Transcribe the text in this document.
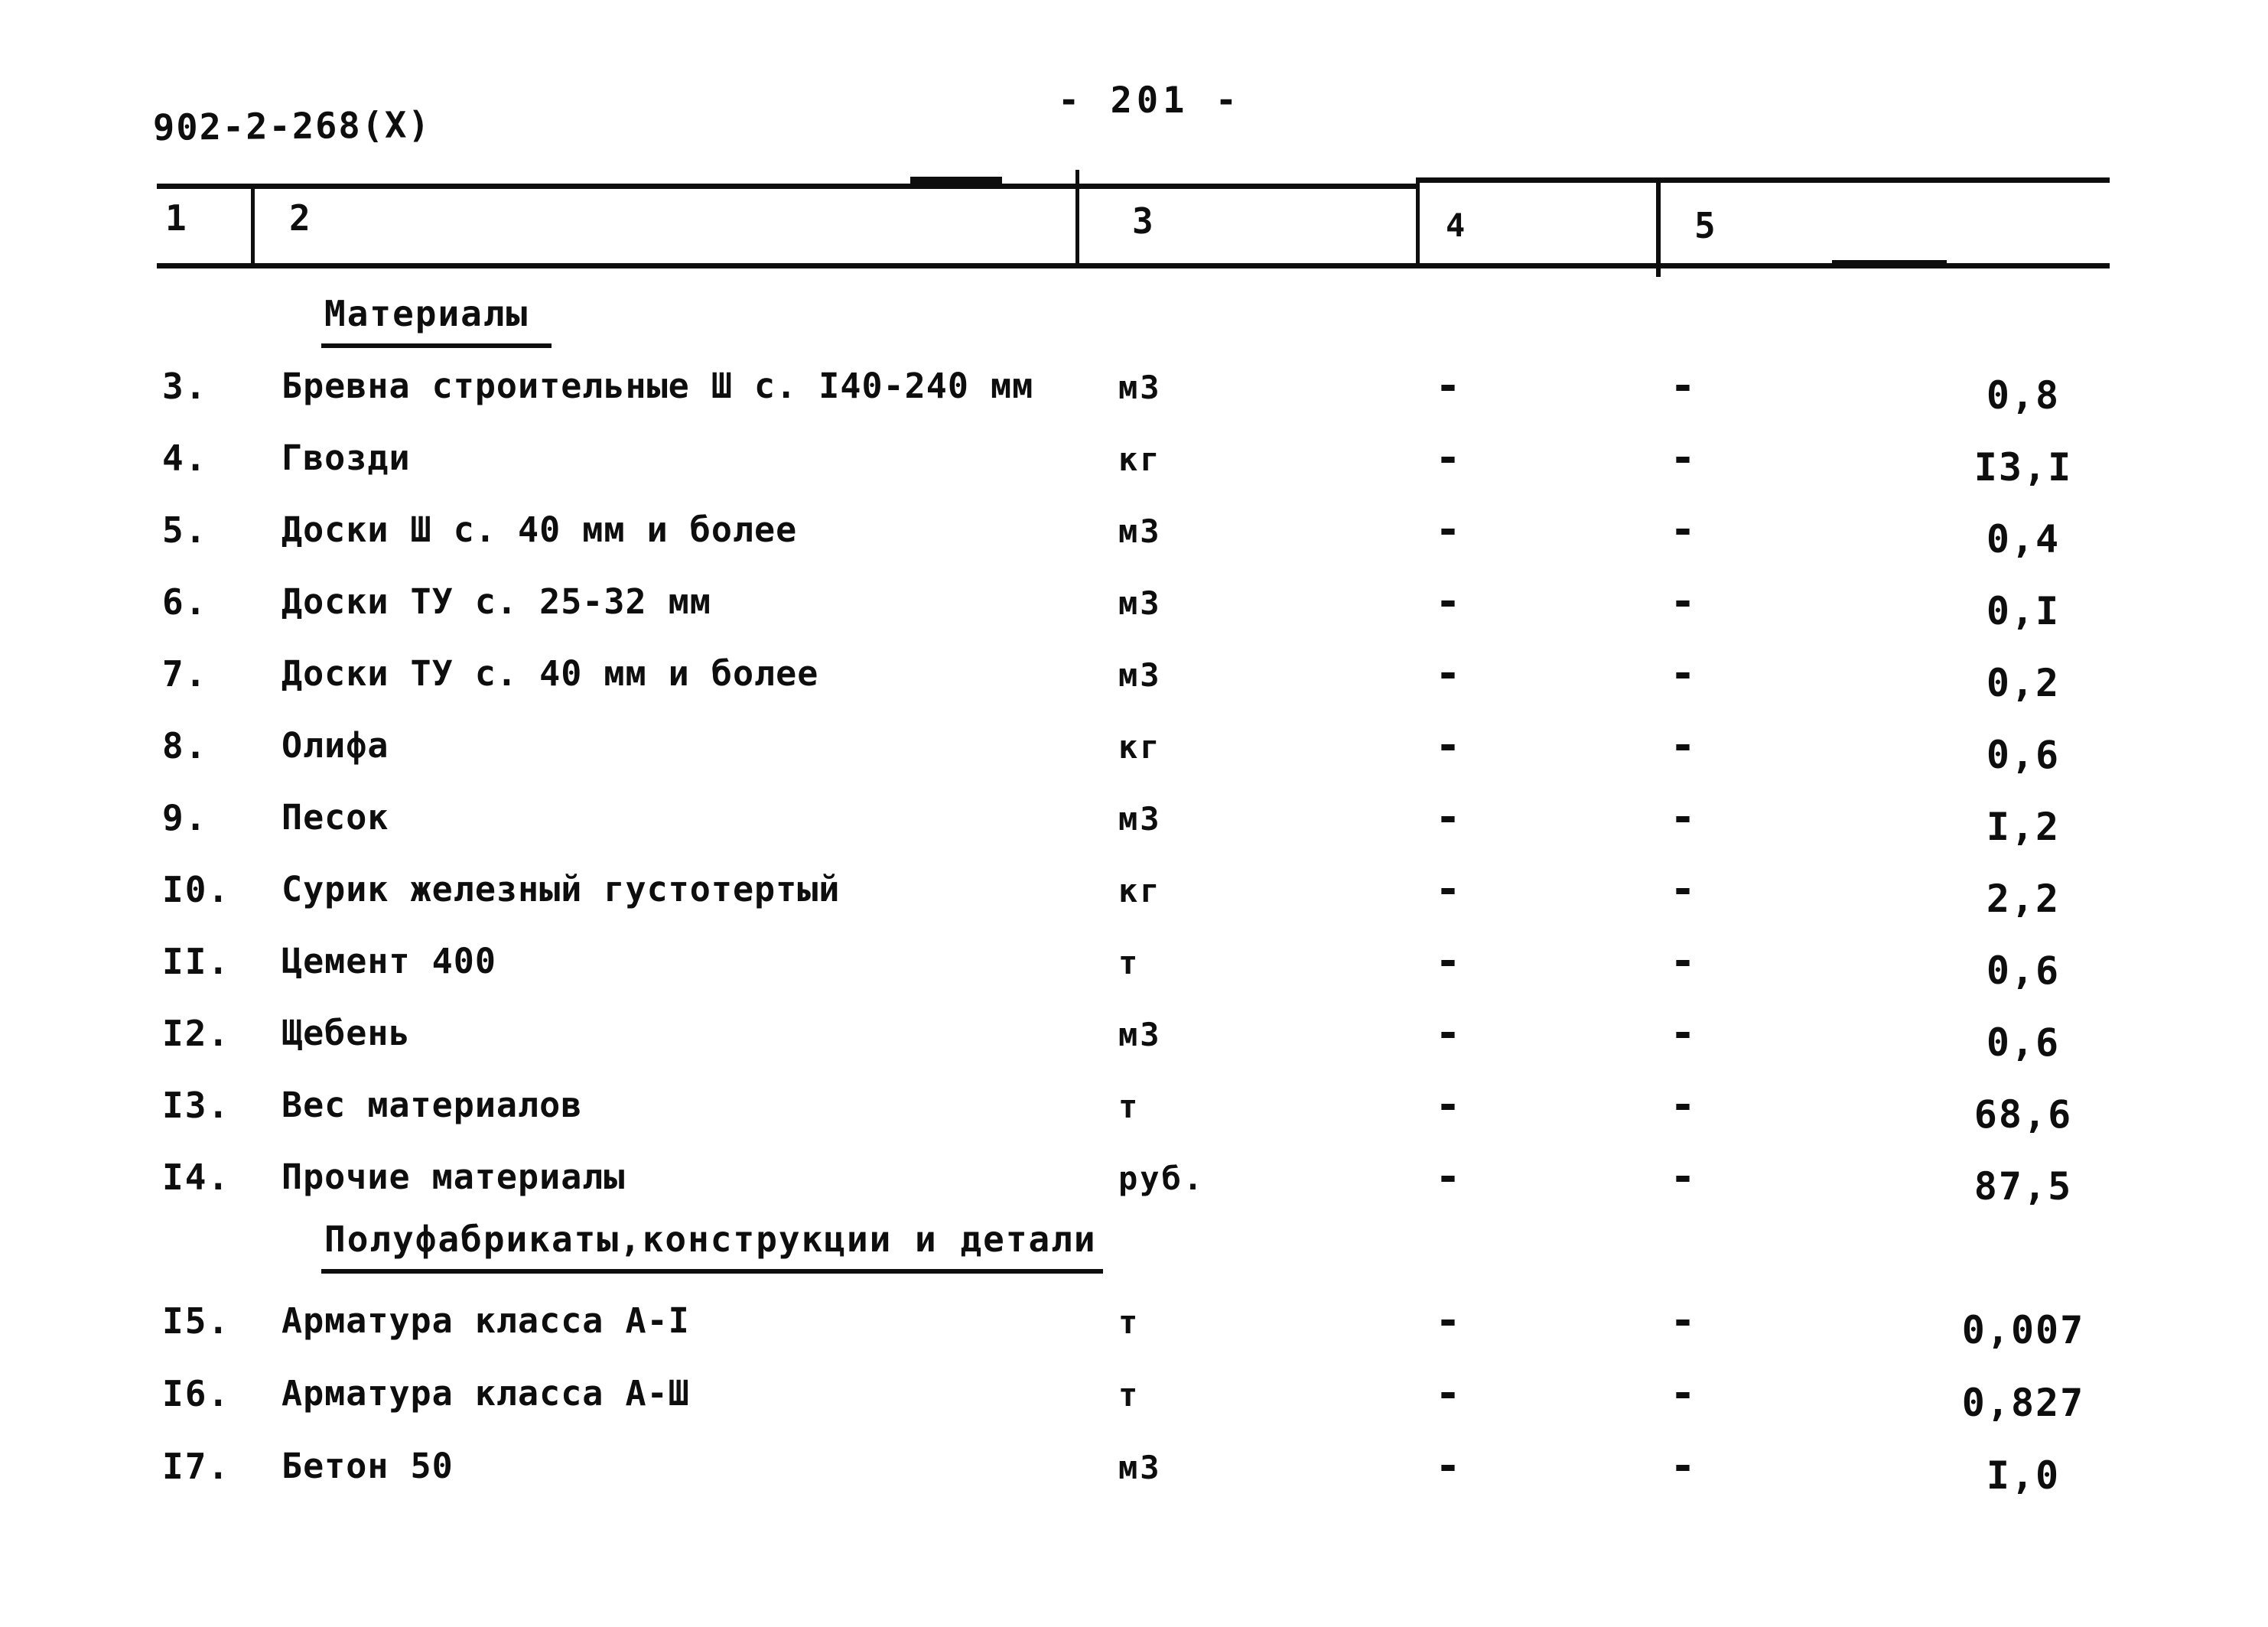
902-2-268(X)
- 201 -
1	2	3	4	5
Материалы
3.	Бревна строительные Ш с. I40-240 мм	м3	-	-	0,8
4.	Гвозди	кг	-	-	I3,I
5.	Доски Ш с. 40 мм и более	м3	-	-	0,4
6.	Доски ТУ с. 25-32 мм	м3	-	-	0,I
7.	Доски ТУ с. 40 мм и более	м3	-	-	0,2
8.	Олифа	кг	-	-	0,6
9.	Песок	м3	-	-	I,2
I0.	Сурик железный густотертый	кг	-	-	2,2
II.	Цемент 400	т	-	-	0,6
I2.	Щебень	м3	-	-	0,6
I3.	Вес материалов	т	-	-	68,6
I4.	Прочие материалы	руб.	-	-	87,5
Полуфабрикаты,конструкции и детали
I5.	Арматура класса А-I	т	-	-	0,007
I6.	Арматура класса А-Ш	т	-	-	0,827
I7.	Бетон 50	м3	-	-	I,0
